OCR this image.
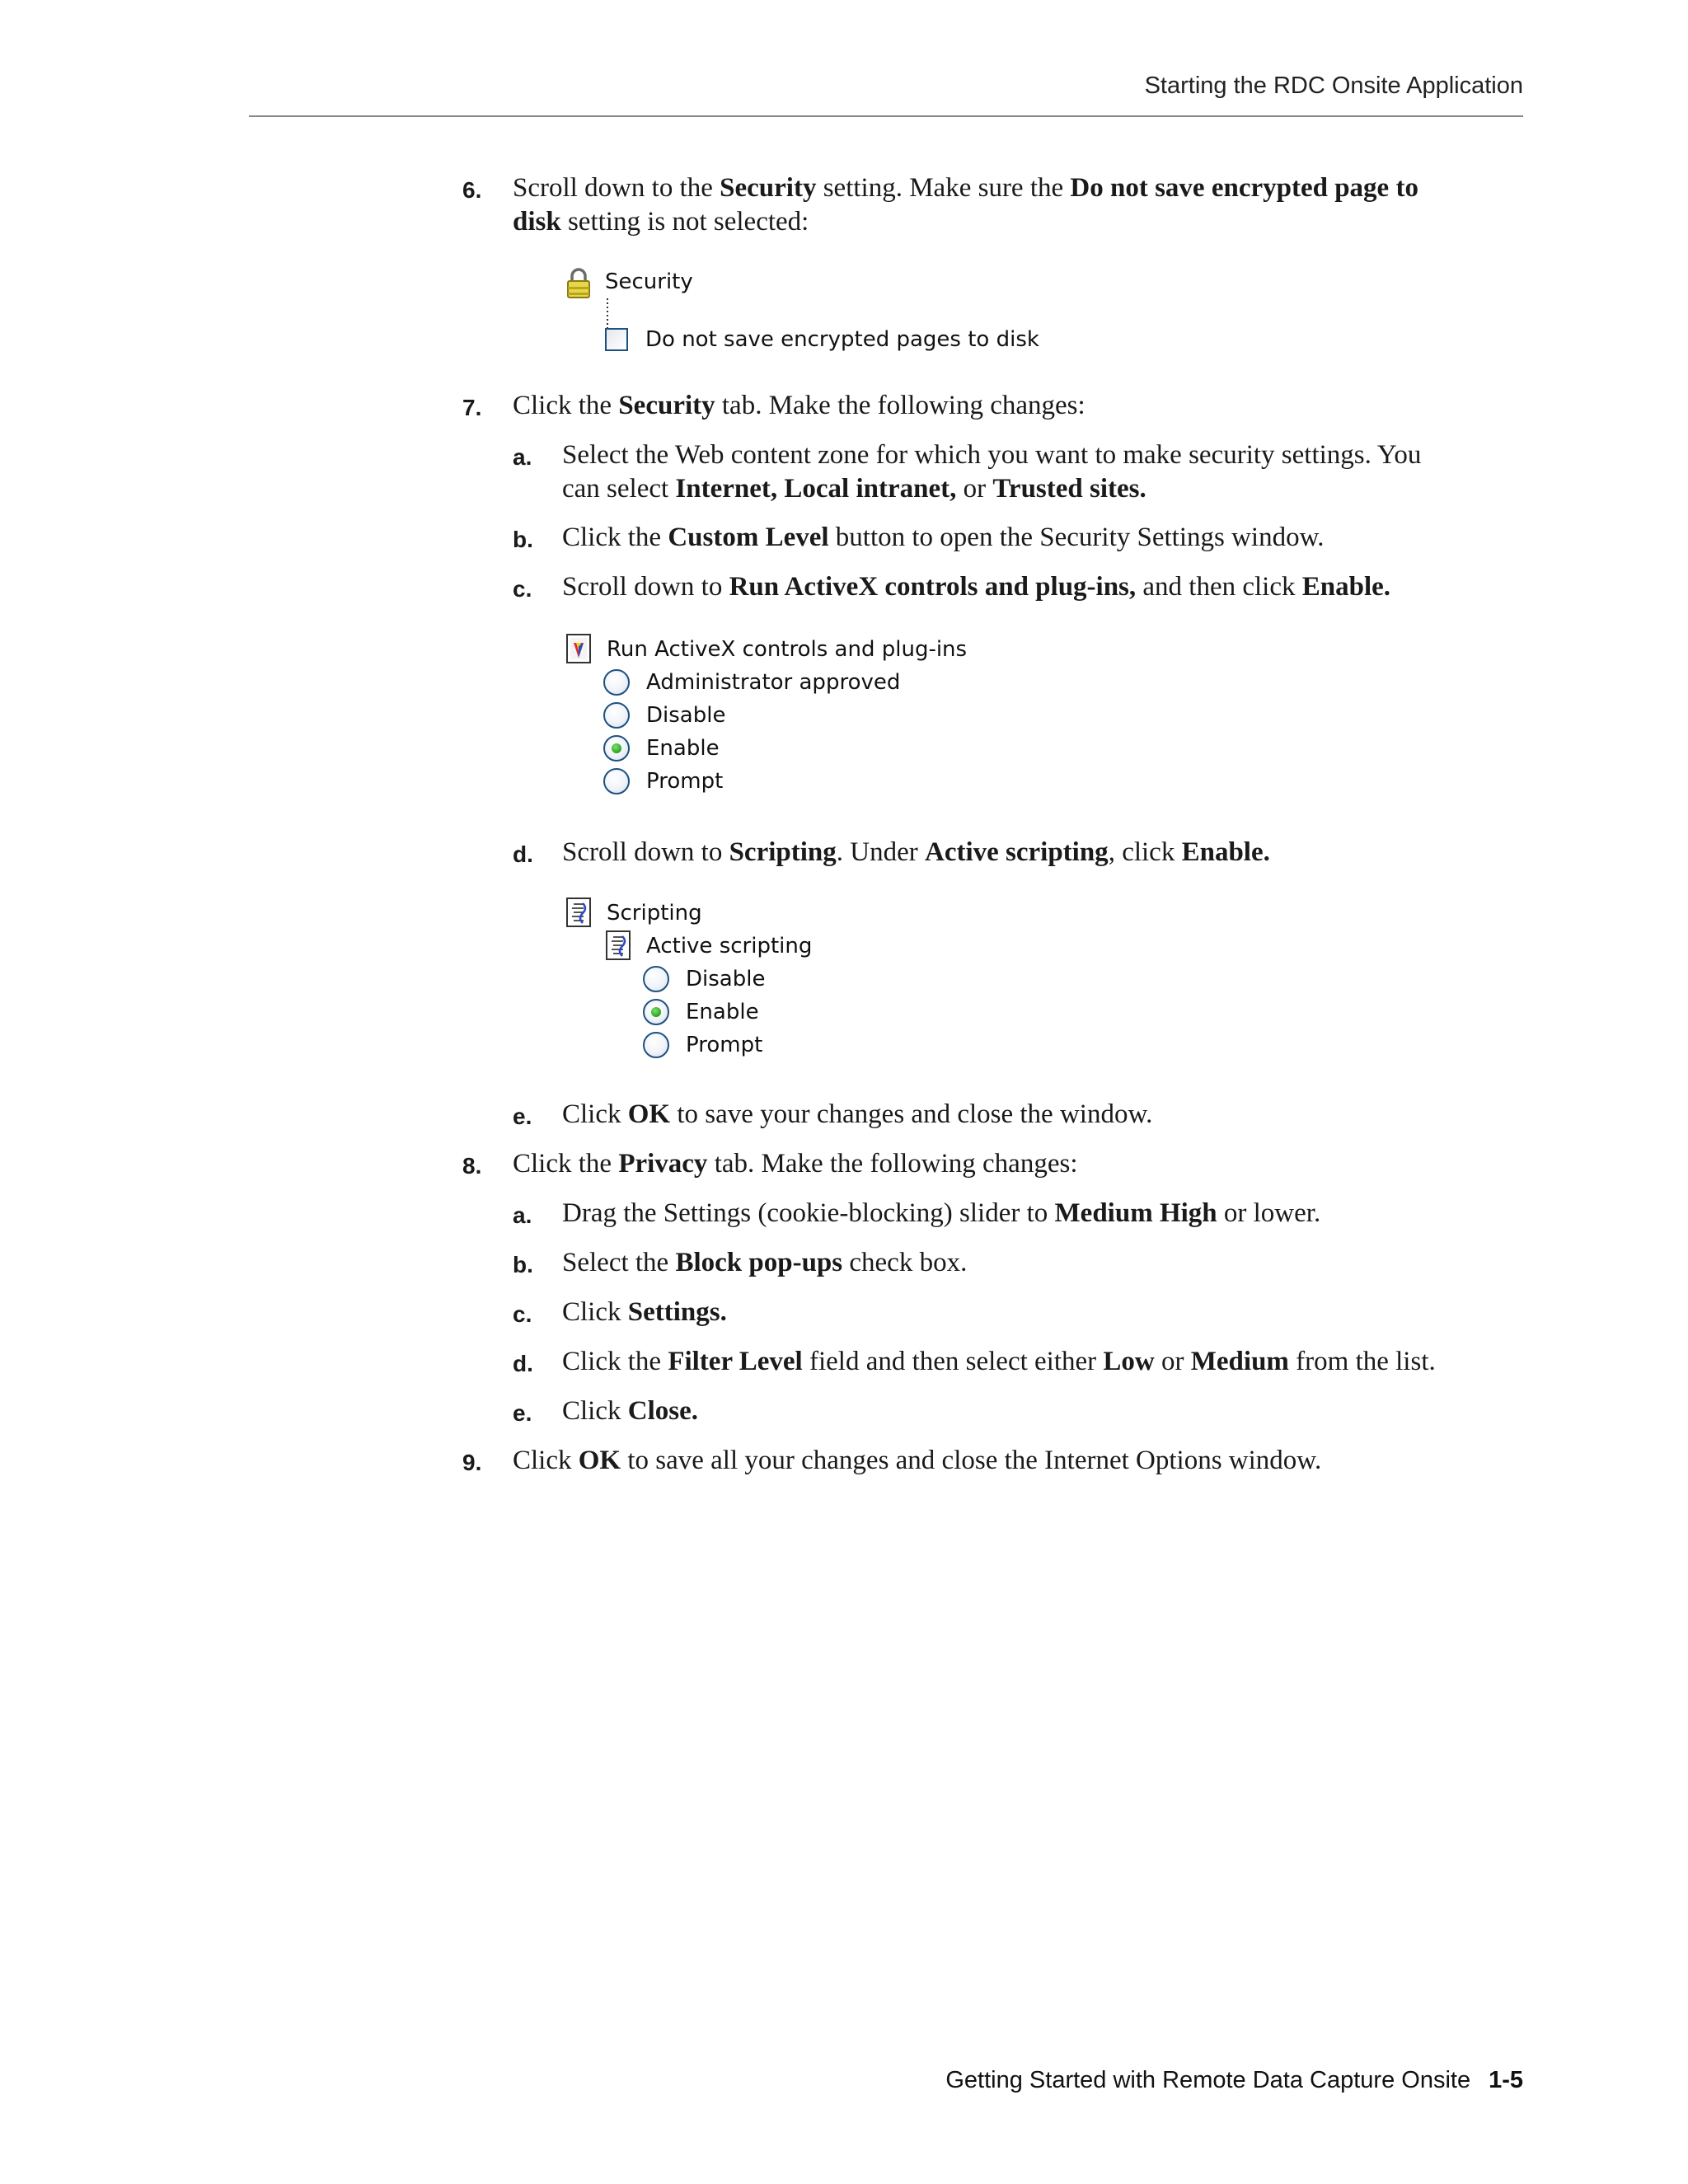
Starting the RDC Onsite Application
6. Scroll down to the Security setting. Make sure the Do not save encrypted page to
disk setting is not selected:
Security
Do not save encrypted pages to disk
7. Click the Security tab. Make the following changes:
a. Select the Web content zone for which you want to make security settings. You
can select Internet, Local intranet, or Trusted sites.
b. Click the Custom Level button to open the Security Settings window.
c. Scroll down to Run ActiveX controls and plug-ins, and then click Enable.
Run ActiveX controls and plug-ins
Administrator approved
Disable
Enable
Prompt
d. Scroll down to Scripting. Under Active scripting, click Enable.
Scripting
Active scripting
Disable
Enable
Prompt
e. Click OK to save your changes and close the window.
8. Click the Privacy tab. Make the following changes:
a. Drag the Settings (cookie-blocking) slider to Medium High or lower.
b. Select the Block pop-ups check box.
c. Click Settings.
d. Click the Filter Level field and then select either Low or Medium from the list.
e. Click Close.
9. Click OK to save all your changes and close the Internet Options window.
Getting Started with Remote Data Capture Onsite 1-5
